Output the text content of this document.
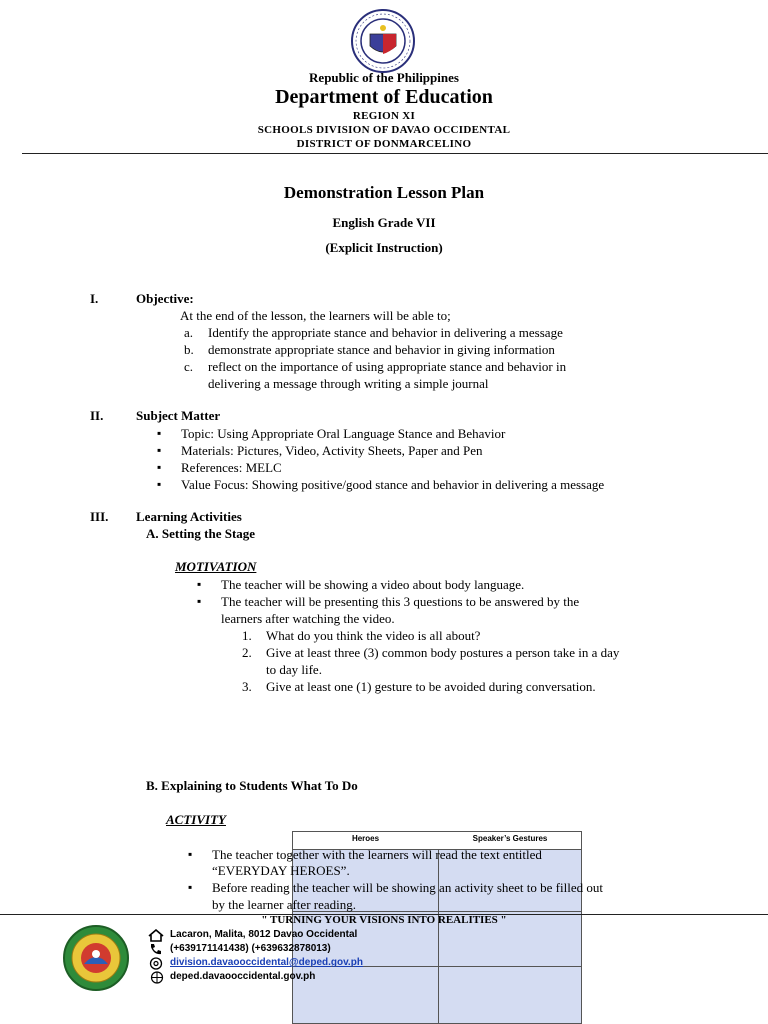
Republic of the Philippines
Department of Education
REGION XI
SCHOOLS DIVISION OF DAVAO OCCIDENTAL
DISTRICT OF DONMARCELINO
Demonstration Lesson Plan
English Grade VII
(Explicit Instruction)
I.	Objective:
At the end of the lesson, the learners will be able to;
a. Identify the appropriate stance and behavior in delivering a message
b. demonstrate appropriate stance and behavior in giving information
c. reflect on the importance of using appropriate stance and behavior in
delivering a message through writing a simple journal
II.	Subject Matter
▪ Topic: Using Appropriate Oral Language Stance and Behavior
▪ Materials: Pictures, Video, Activity Sheets, Paper and Pen
▪ References: MELC
▪ Value Focus: Showing positive/good stance and behavior in delivering a message
III. Learning Activities
A. Setting the Stage
MOTIVATION
▪ The teacher will be showing a video about body language.
▪ The teacher will be presenting this 3 questions to be answered by the
learners after watching the video.
1. What do you think the video is all about?
2. Give at least three (3) common body postures a person take in a day
to day life.
3. Give at least one (1) gesture to be avoided during conversation.
B. Explaining to Students What To Do
ACTIVITY
Heroes	Speaker’s Gestures
▪ The teacher together with the learners will read the text entitled
“EVERYDAY HEROES”.
▪ Before reading the teacher will be showing an activity sheet to be filled out
by the learner after reading.
" TURNING YOUR VISIONS INTO REALITIES "
Lacaron, Malita, 8012 Davao Occidental
(+639171141438) (+639632878013)
division.davaooccidental@deped.gov.ph
deped.davaooccidental.gov.ph
